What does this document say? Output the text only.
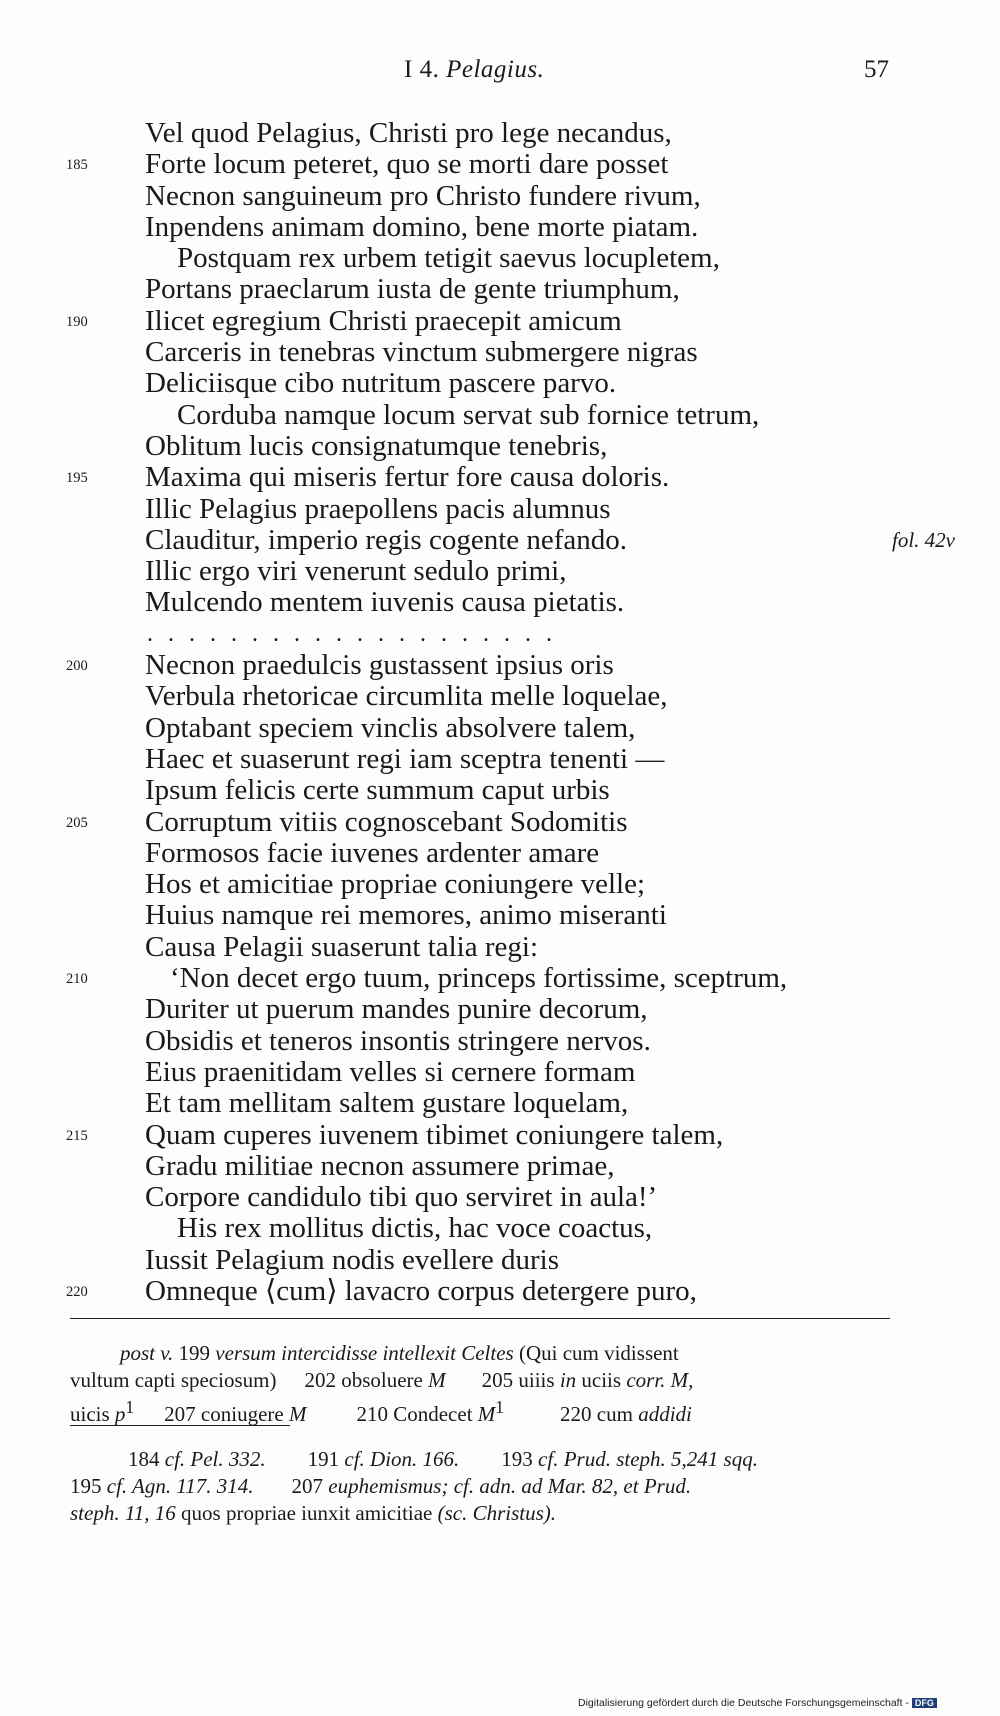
I 4. Pelagius.	57
Vel quod Pelagius, Christi pro lege necandus,
185 Forte locum peteret, quo se morti dare posset
Necnon sanguineum pro Christo fundere rivum,
Inpendens animam domino, bene morte piatam.
Postquam rex urbem tetigit saevus locupletem,
Portans praeclarum iusta de gente triumphum,
190 Ilicet egregium Christi praecepit amicum
Carceris in tenebras vinctum submergere nigras
Deliciisque cibo nutritum pascere parvo.
Corduba namque locum servat sub fornice tetrum,
Oblitum lucis consignatumque tenebris,
195 Maxima qui miseris fertur fore causa doloris.
Illic Pelagius praepollens pacis alumnus
Clauditur, imperio regis cogente nefando.	fol. 42v
Illic ergo viri venerunt sedulo primi,
Mulcendo mentem iuvenis causa pietatis.
....................
200 Necnon praedulcis gustassent ipsius oris
Verbula rhetoricae circumlita melle loquelae,
Optabant speciem vinclis absolvere talem,
Haec et suaserunt regi iam sceptra tenenti —
Ipsum felicis certe summum caput urbis
205 Corruptum vitiis cognoscebant Sodomitis
Formosos facie iuvenes ardenter amare
Hos et amicitiae propriae coniungere velle;
Huius namque rei memores, animo miseranti
Causa Pelagii suaserunt talia regi:
210	‘Non decet ergo tuum, princeps fortissime, sceptrum,
Duriter ut puerum mandes punire decorum,
Obsidis et teneros insontis stringere nervos.
Eius praenitidam velles si cernere formam
Et tam mellitam saltem gustare loquelam,
215 Quam cuperes iuvenem tibimet coniungere talem,
Gradu militiae necnon assumere primae,
Corpore candidulo tibi quo serviret in aula!’
His rex mollitus dictis, hac voce coactus,
Iussit Pelagium nodis evellere duris
220 Omneque ⟨cum⟩ lavacro corpus detergere puro,

post v. 199 versum intercidisse intellexit Celtes (Qui cum vidissent

vultum capti speciosum) 202 obsoluere M 205 uiiis in uciis corr. M,

uicis $p^1$ 207 coniugere M 210 Condecet $M^1$	220 cum addidi

184 cf. Pel. 332. 191 cf. Dion. 166. 193 cf. Prud. steph. 5,241 sqq.

195 cf. Agn. 117. 314. 207 euphemismus; cf. adn. ad Mar. 82, et Prud.

steph. 11, 16 quos propriae iunxit amicitiae (sc. Christus).

Digitalisierung gefördert durch die Deutsche Forschungsgemeinschaft - DFG
